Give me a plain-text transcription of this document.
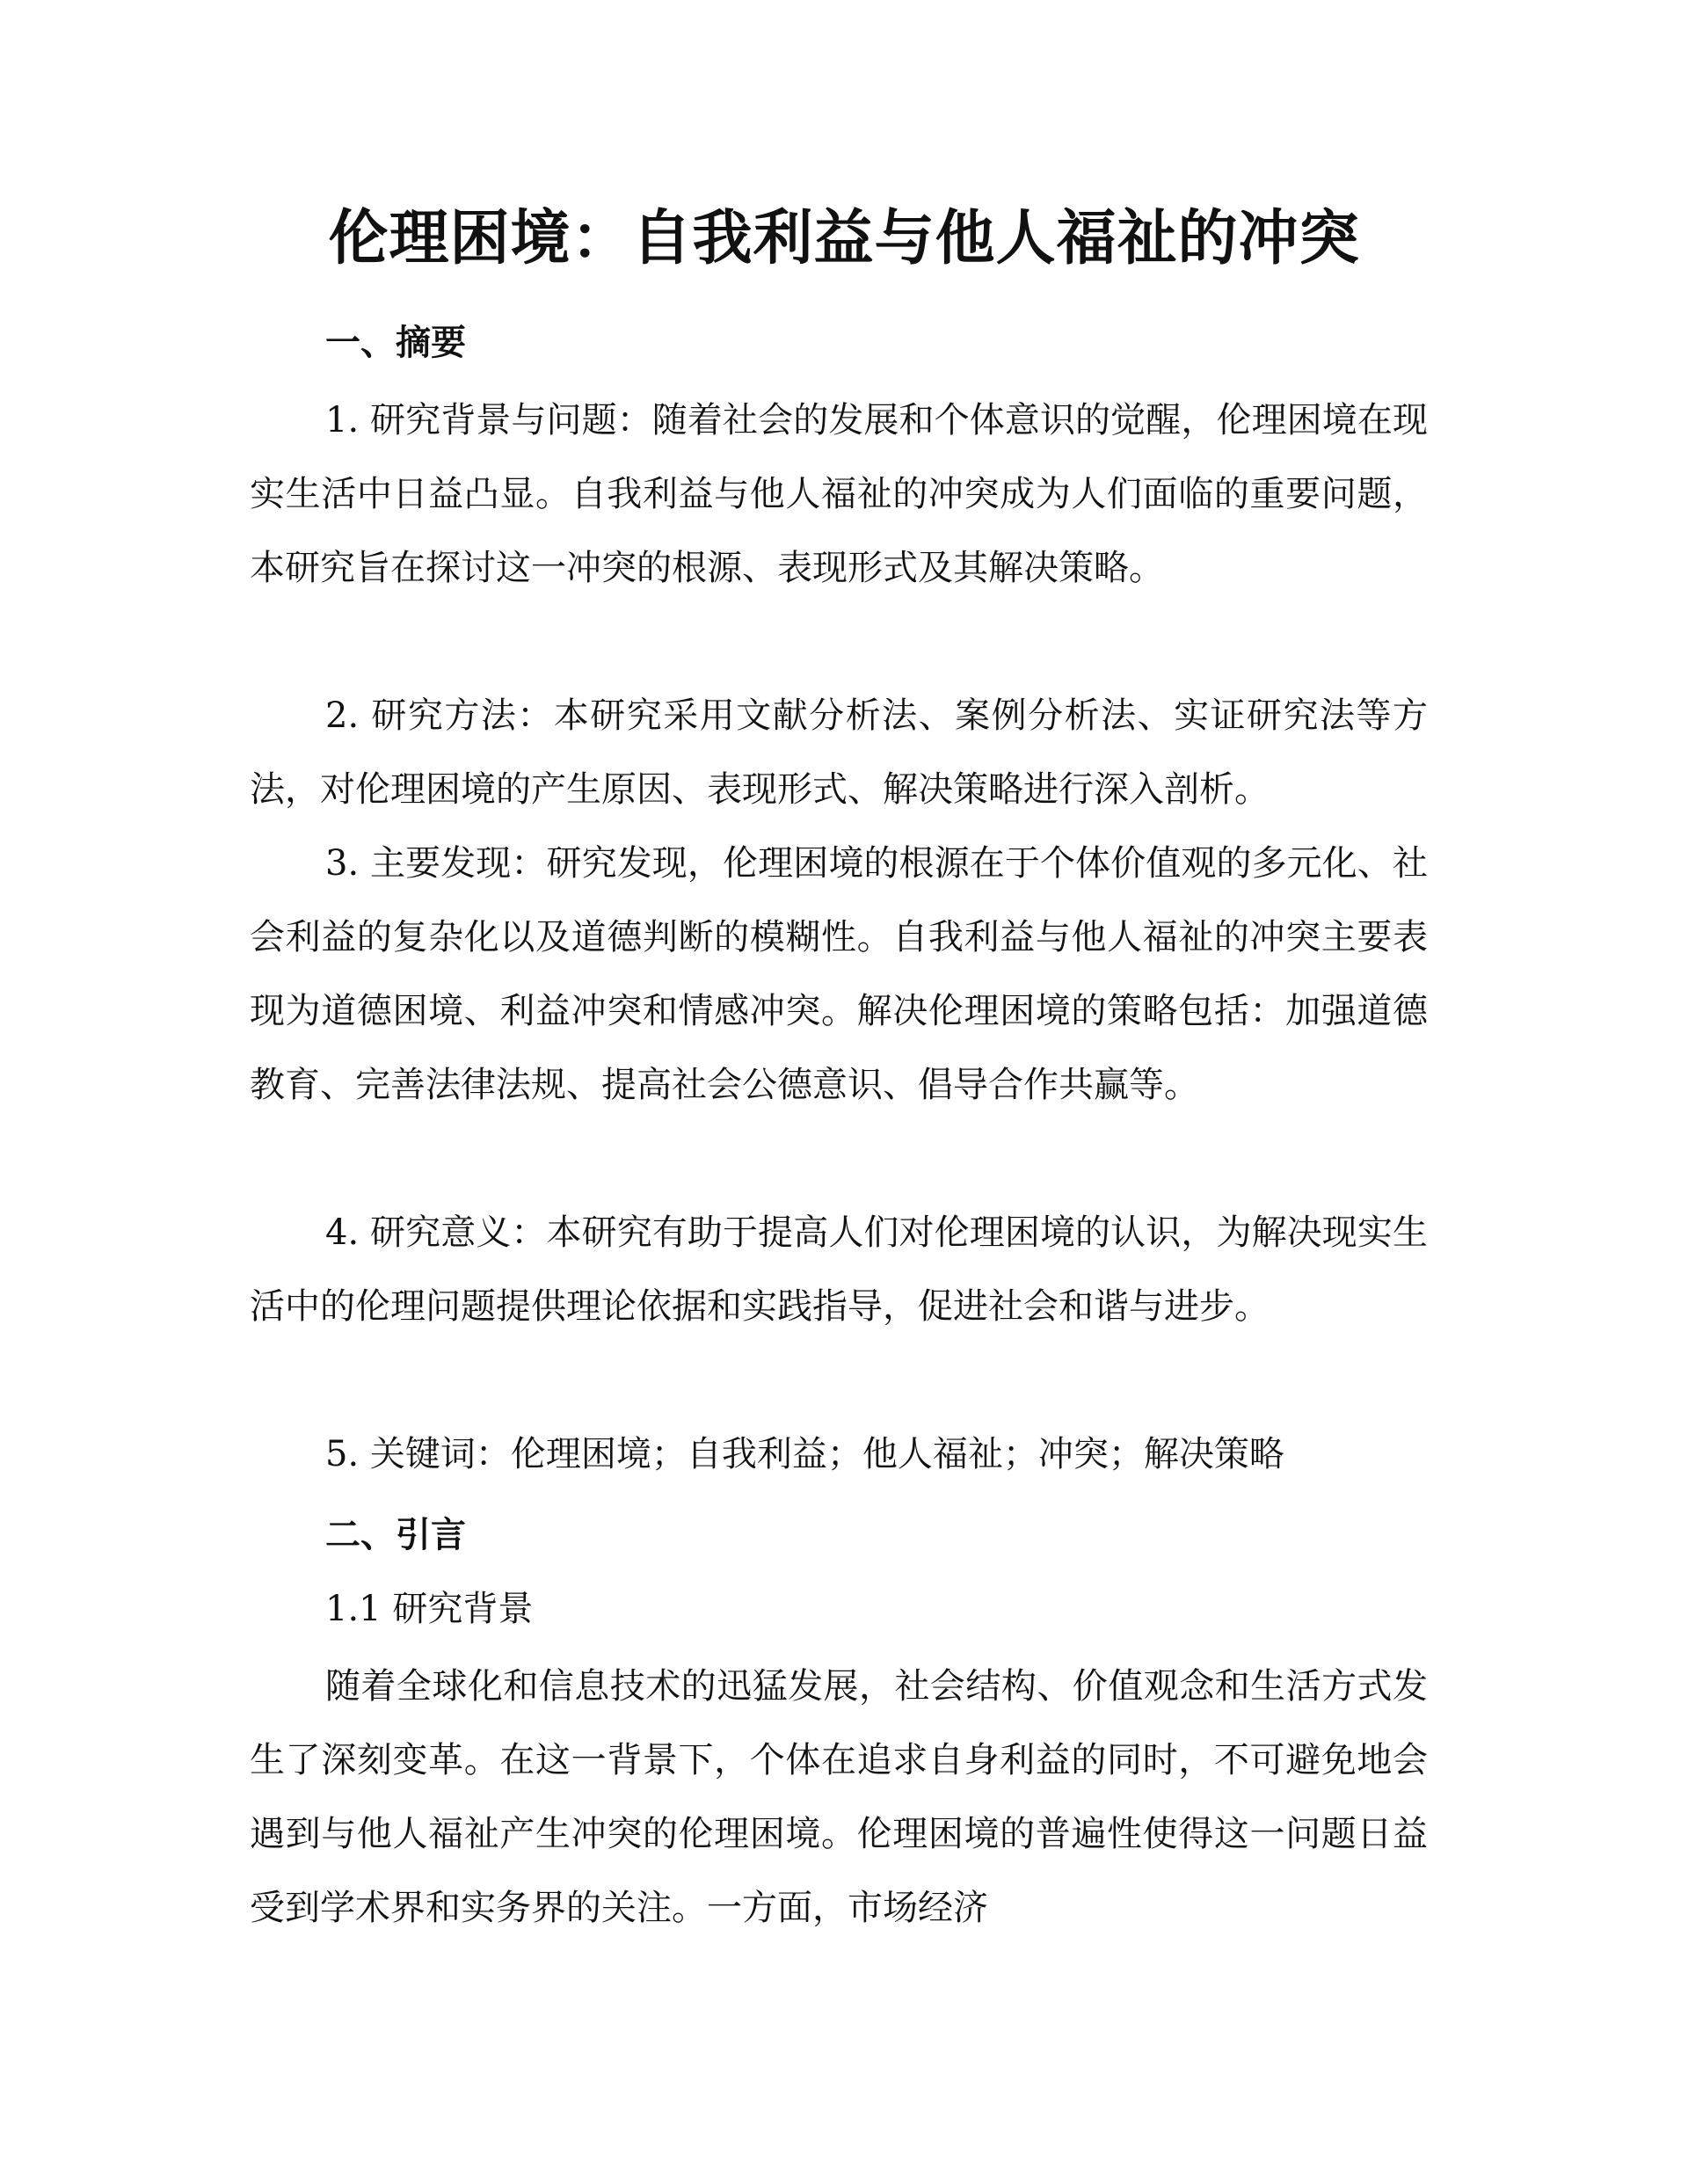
伦理困境：自我利益与他人福祉的冲突
一、摘要

1. 研究背景与问题：随着社会的发展和个体意识的觉醒，伦理困境在现实生活中日益凸显。自我利益与他人福祉的冲突成为人们面临的重要问题，本研究旨在探讨这一冲突的根源、表现形式及其解决策略。

2. 研究方法：本研究采用文献分析法、案例分析法、实证研究法等方法，对伦理困境的产生原因、表现形式、解决策略进行深入剖析。

3. 主要发现：研究发现，伦理困境的根源在于个体价值观的多元化、社会利益的复杂化以及道德判断的模糊性。自我利益与他人福祉的冲突主要表现为道德困境、利益冲突和情感冲突。解决伦理困境的策略包括：加强道德教育、完善法律法规、提高社会公德意识、倡导合作共赢等。

4. 研究意义：本研究有助于提高人们对伦理困境的认识，为解决现实生活中的伦理问题提供理论依据和实践指导，促进社会和谐与进步。

5. 关键词：伦理困境；自我利益；他人福祉；冲突；解决策略

二、引言
1.1 研究背景

随着全球化和信息技术的迅猛发展，社会结构、价值观念和生活方式发生了深刻变革。在这一背景下，个体在追求自身利益的同时，不可避免地会遇到与他人福祉产生冲突的伦理困境。伦理困境的普遍性使得这一问题日益受到学术界和实务界的关注。一方面，市场经济
